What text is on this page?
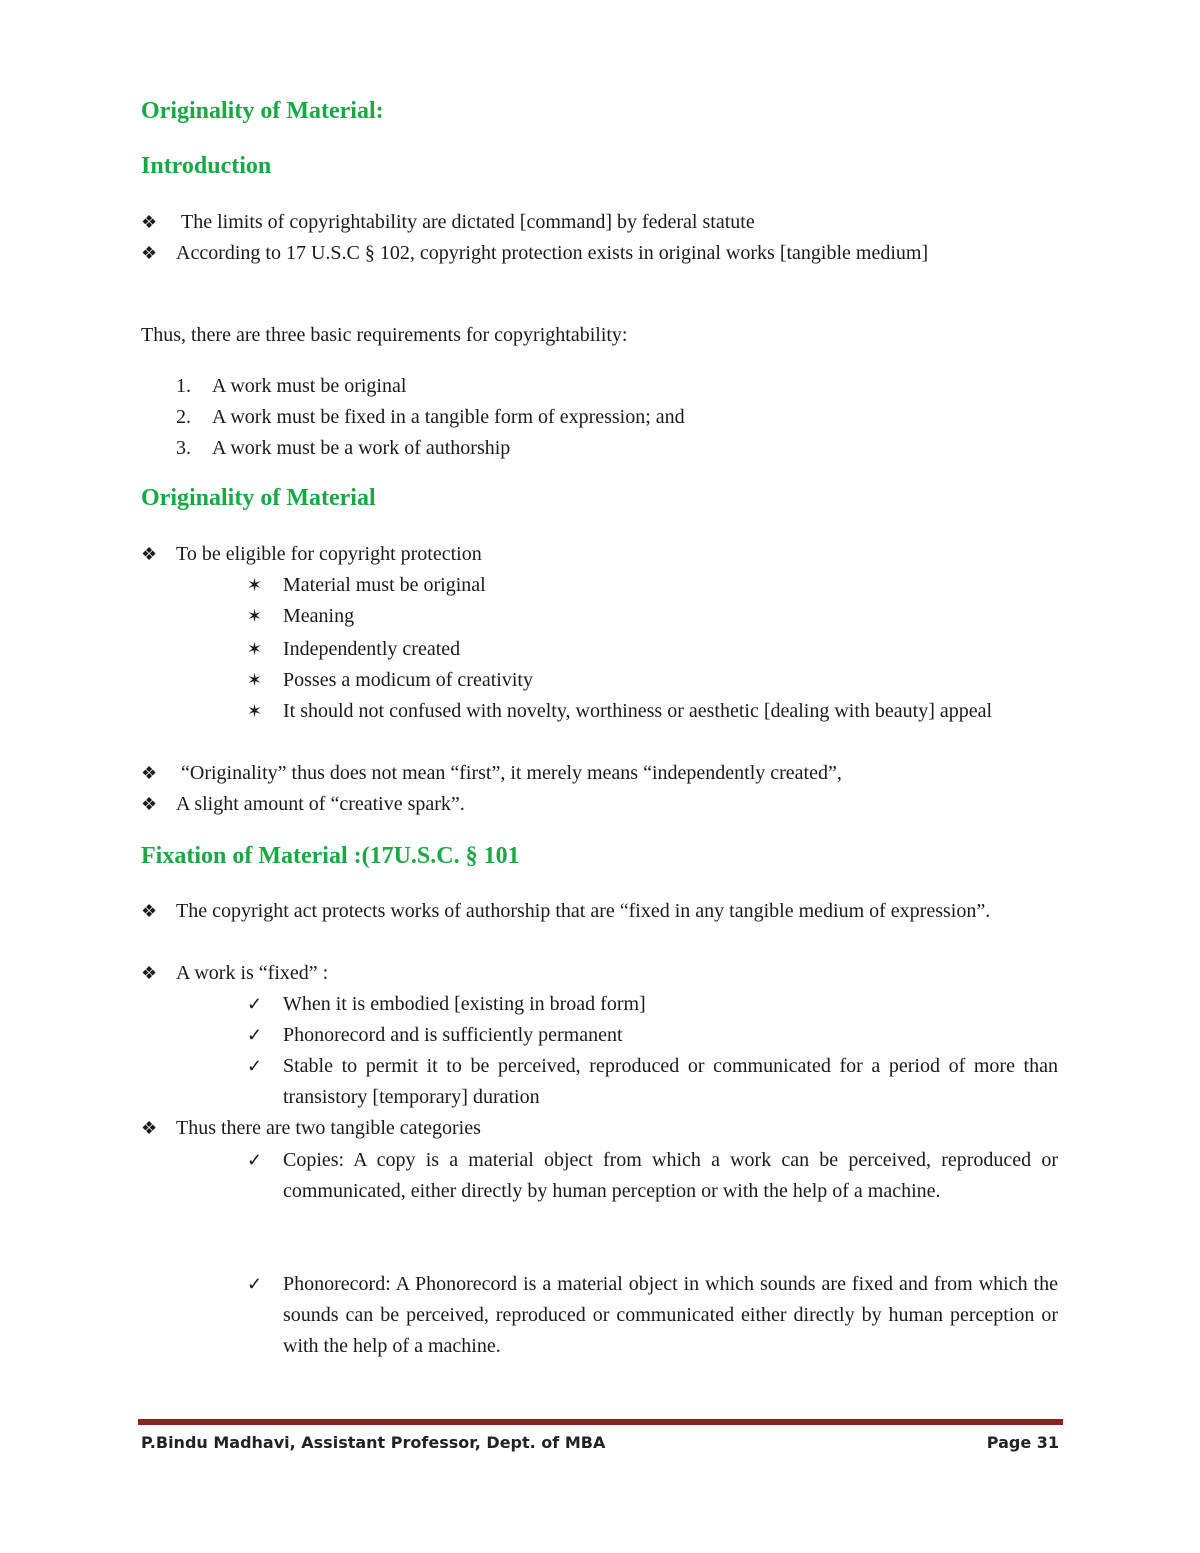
Originality of Material:
Introduction
❖ The limits of copyrightability are dictated [command] by federal statute
❖ According to 17 U.S.C § 102, copyright protection exists in original works [tangible medium]
Thus, there are three basic requirements for copyrightability:
1. A work must be original
2. A work must be fixed in a tangible form of expression; and
3. A work must be a work of authorship
Originality of Material
❖ To be eligible for copyright protection
✶ Material must be original
✶ Meaning
✶ Independently created
✶ Posses a modicum of creativity
✶ It should not confused with novelty, worthiness or aesthetic [dealing with beauty] appeal
❖ “Originality” thus does not mean “first”, it merely means “independently created”,
❖ A slight amount of “creative spark”.
Fixation of Material :(17U.S.C. § 101
❖ The copyright act protects works of authorship that are “fixed in any tangible medium of expression”.
❖ A work is “fixed” :
✓ When it is embodied [existing in broad form]
✓ Phonorecord and is sufficiently permanent
✓ Stable to permit it to be perceived, reproduced or communicated for a period of more than transistory [temporary] duration
❖ Thus there are two tangible categories
✓ Copies: A copy is a material object from which a work can be perceived, reproduced or communicated, either directly by human perception or with the help of a machine.
✓ Phonorecord: A Phonorecord is a material object in which sounds are fixed and from which the sounds can be perceived, reproduced or communicated either directly by human perception or with the help of a machine.
P.Bindu Madhavi, Assistant Professor, Dept. of MBA	Page 31
